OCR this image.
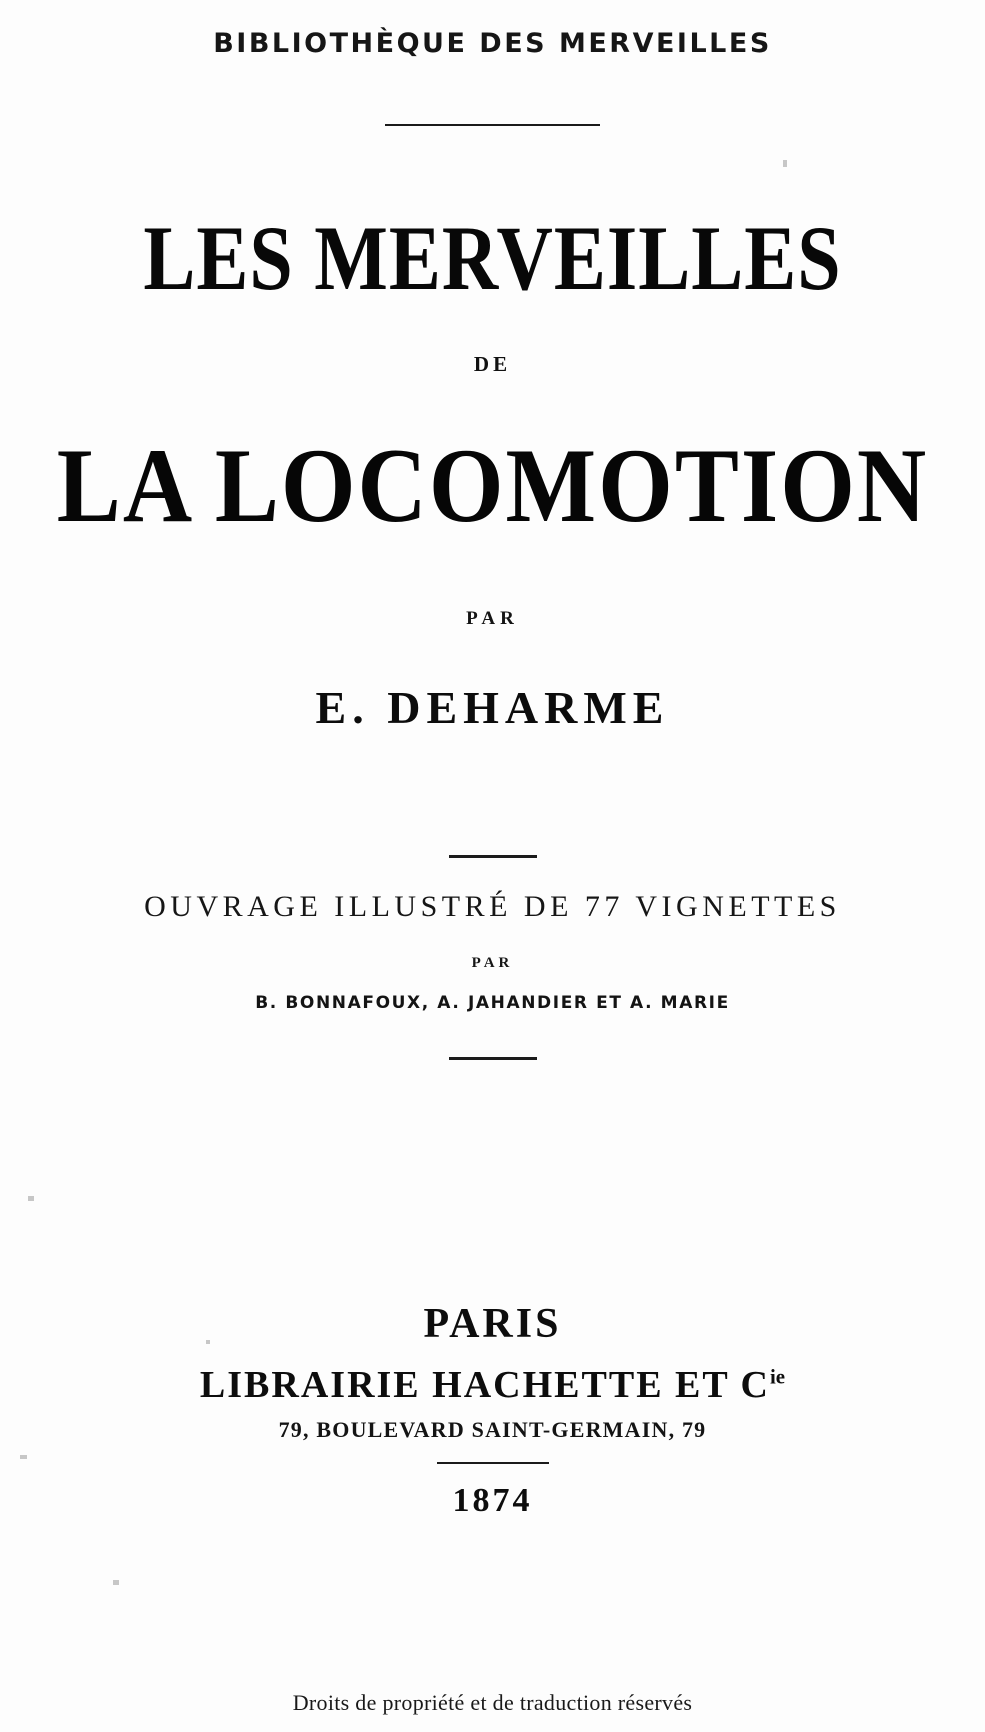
BIBLIOTHÈQUE DES MERVEILLES
LES MERVEILLES
DE
LA LOCOMOTION
PAR
E. DEHARME
OUVRAGE ILLUSTRÉ DE 77 VIGNETTES
PAR
B. BONNAFOUX, A. JAHANDIER ET A. MARIE
PARIS
LIBRAIRIE HACHETTE ET $C^{ie}$
79, BOULEVARD SAINT-GERMAIN, 79
1874
Droits de propriété et de traduction réservés
